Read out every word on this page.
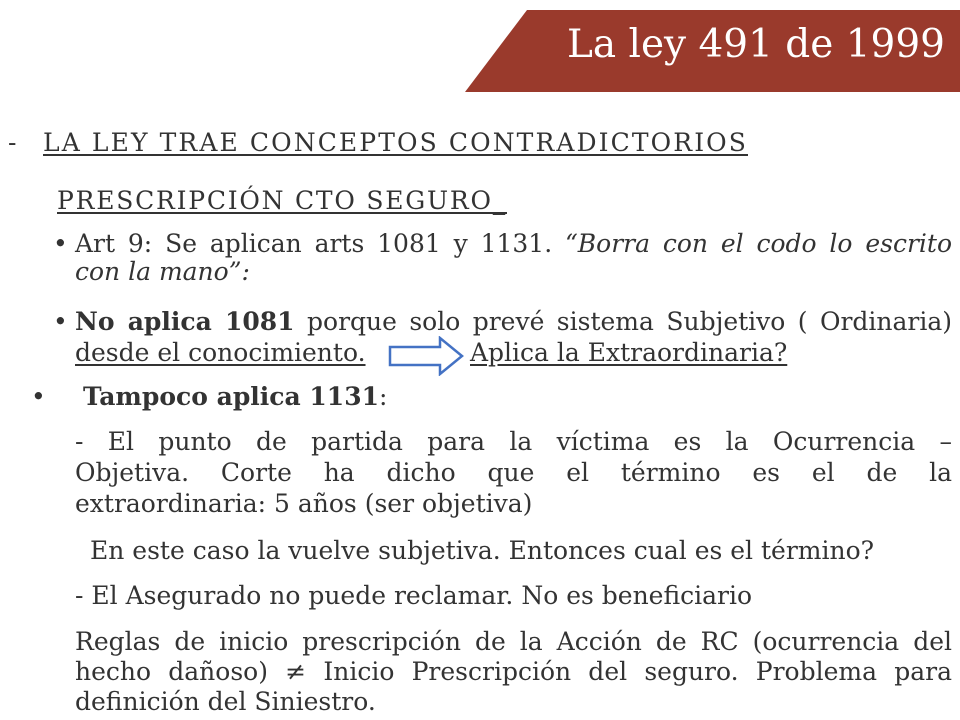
La ley 491 de 1999
- LA LEY TRAE CONCEPTOS CONTRADICTORIOS
PRESCRIPCIÓN CTO SEGURO_
• Art 9: Se aplican arts 1081 y 1131. “Borra con el codo lo escrito
con la mano”:
• No aplica 1081 porque solo prevé sistema Subjetivo ( Ordinaria)
desde el conocimiento.	Aplica la Extraordinaria?
• Tampoco aplica 1131:
- El punto de partida para la víctima es la Ocurrencia –
Objetiva. Corte ha dicho que el término es el de la
extraordinaria: 5 años (ser objetiva)
En este caso la vuelve subjetiva. Entonces cual es el término?
- El Asegurado no puede reclamar. No es beneficiario
Reglas de inicio prescripción de la Acción de RC (ocurrencia del
hecho dañoso) ≠ Inicio Prescripción del seguro. Problema para
definición del Siniestro.
